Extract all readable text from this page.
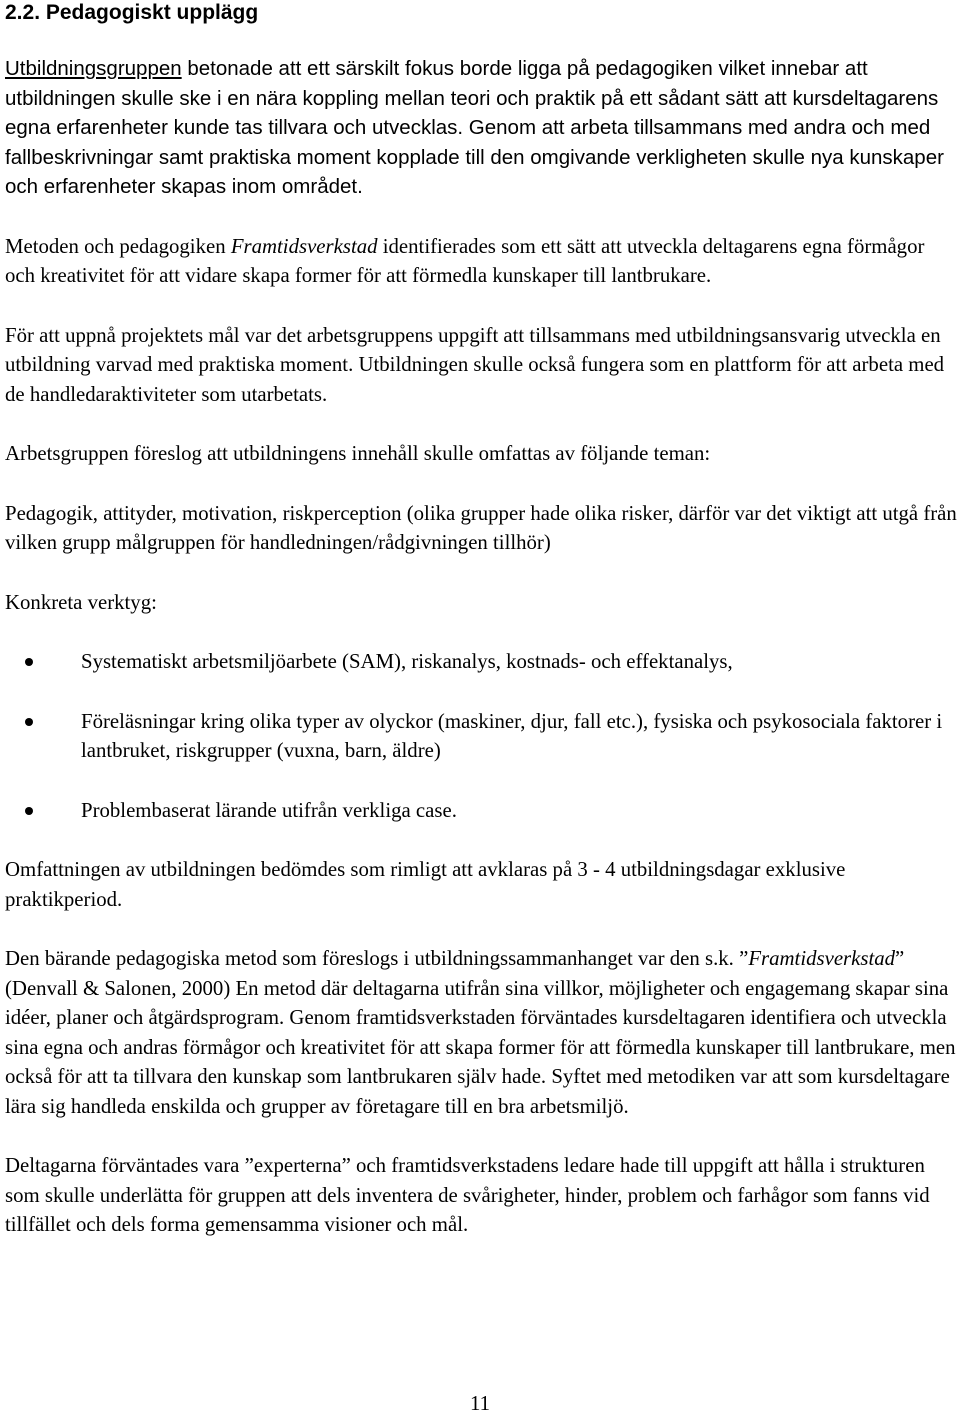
2.2. Pedagogiskt upplägg

Utbildningsgruppen betonade att ett särskilt fokus borde ligga på pedagogiken vilket innebar att utbildningen skulle ske i en nära koppling mellan teori och praktik på ett sådant sätt att kursdeltagarens egna erfarenheter kunde tas tillvara och utvecklas. Genom att arbeta tillsammans med andra och med fallbeskrivningar samt praktiska moment kopplade till den omgivande verkligheten skulle nya kunskaper och erfarenheter skapas inom området.

Metoden och pedagogiken Framtidsverkstad identifierades som ett sätt att utveckla deltagarens egna förmågor och kreativitet för att vidare skapa former för att förmedla kunskaper till lantbrukare.

För att uppnå projektets mål var det arbetsgruppens uppgift att tillsammans med utbildningsansvarig utveckla en utbildning varvad med praktiska moment. Utbildningen skulle också fungera som en plattform för att arbeta med de handledaraktiviteter som utarbetats.

Arbetsgruppen föreslog att utbildningens innehåll skulle omfattas av följande teman:

Pedagogik, attityder, motivation, riskperception (olika grupper hade olika risker, därför var det viktigt att utgå från vilken grupp målgruppen för handledningen/rådgivningen tillhör)

Konkreta verktyg:

Systematiskt arbetsmiljöarbete (SAM), riskanalys, kostnads- och effektanalys,
Föreläsningar kring olika typer av olyckor (maskiner, djur, fall etc.), fysiska och psykosociala faktorer i lantbruket, riskgrupper (vuxna, barn, äldre)
Problembaserat lärande utifrån verkliga case.

Omfattningen av utbildningen bedömdes som rimligt att avklaras på 3 - 4 utbildningsdagar exklusive praktikperiod.

Den bärande pedagogiska metod som föreslogs i utbildningssammanhanget var den s.k. ”Framtidsverkstad” (Denvall & Salonen, 2000) En metod där deltagarna utifrån sina villkor, möjligheter och engagemang skapar sina idéer, planer och åtgärdsprogram. Genom framtidsverkstaden förväntades kursdeltagaren identifiera och utveckla sina egna och andras förmågor och kreativitet för att skapa former för att förmedla kunskaper till lantbrukare, men också för att ta tillvara den kunskap som lantbrukaren själv hade. Syftet med metodiken var att som kursdeltagare lära sig handleda enskilda och grupper av företagare till en bra arbetsmiljö.

Deltagarna förväntades vara ”experterna” och framtidsverkstadens ledare hade till uppgift att hålla i strukturen som skulle underlätta för gruppen att dels inventera de svårigheter, hinder, problem och farhågor som fanns vid tillfället och dels forma gemensamma visioner och mål.

11
